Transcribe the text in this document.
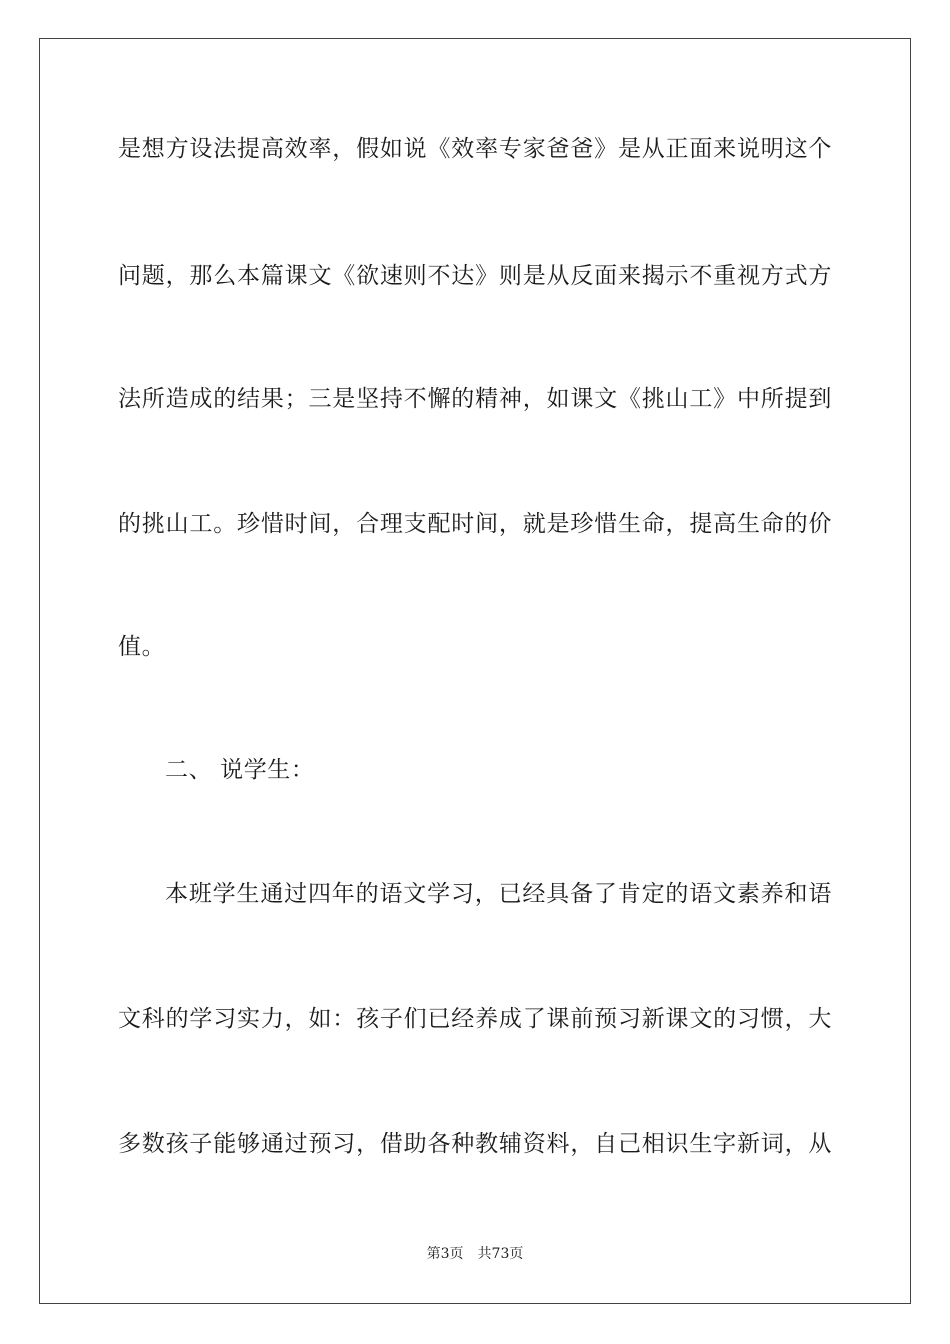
是想方设法提高效率，假如说《效率专家爸爸》是从正面来说明这个
问题，那么本篇课文《欲速则不达》则是从反面来揭示不重视方式方
法所造成的结果；三是坚持不懈的精神，如课文《挑山工》中所提到
的挑山工。珍惜时间，合理支配时间，就是珍惜生命，提高生命的价
值。
二、 说学生：
本班学生通过四年的语文学习，已经具备了肯定的语文素养和语
文科的学习实力，如：孩子们已经养成了课前预习新课文的习惯，大
多数孩子能够通过预习，借助各种教辅资料，自己相识生字新词，从
第3页 共73页
